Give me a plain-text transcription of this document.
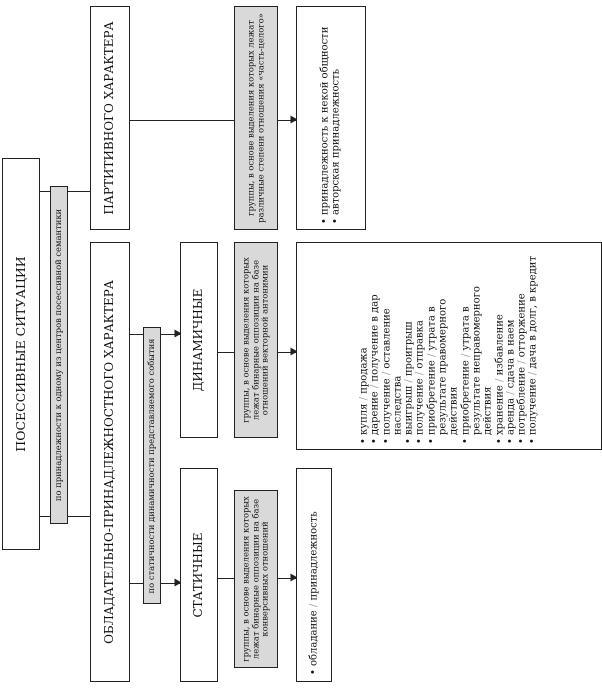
ПОСЕССИВНЫЕ СИТУАЦИИ	по принадлежности к одному из центров посессивной семантики
ПАРТИТИВНОГО ХАРАКТЕРА
ОБЛАДАТЕЛЬНО-ПРИНАДЛЕЖНОСТНОГО ХАРАКТЕРА	по статичности динамичности представляемого события	СТАТИЧНЫЕ
ДИНАМИЧНЫЕ
группы, в основе выделения которых лежат бинарные оппозиции на базе конверсивных отношений
группы, в основе выделения которых лежат бинарные оппозиции на базе отношений векторной антонимии
группы, в основе выделения которых лежат различные степени отношения «часть-целого»
• обладание / принадлежность
• купля / продажа
• дарение / получение в дар
• получение / оставление наследства • выигрыш / проигрыш
• получение / отправка
• приобретение / утрата в результате правомерного действия • приобретение / утрата в результате неправомерного действия • хранение / избавление
• аренда / сдача в наем
• потребление / отторжение
• получение / дача в долг, в кредит
• принадлежность к некой общности • авторская принадлежность
